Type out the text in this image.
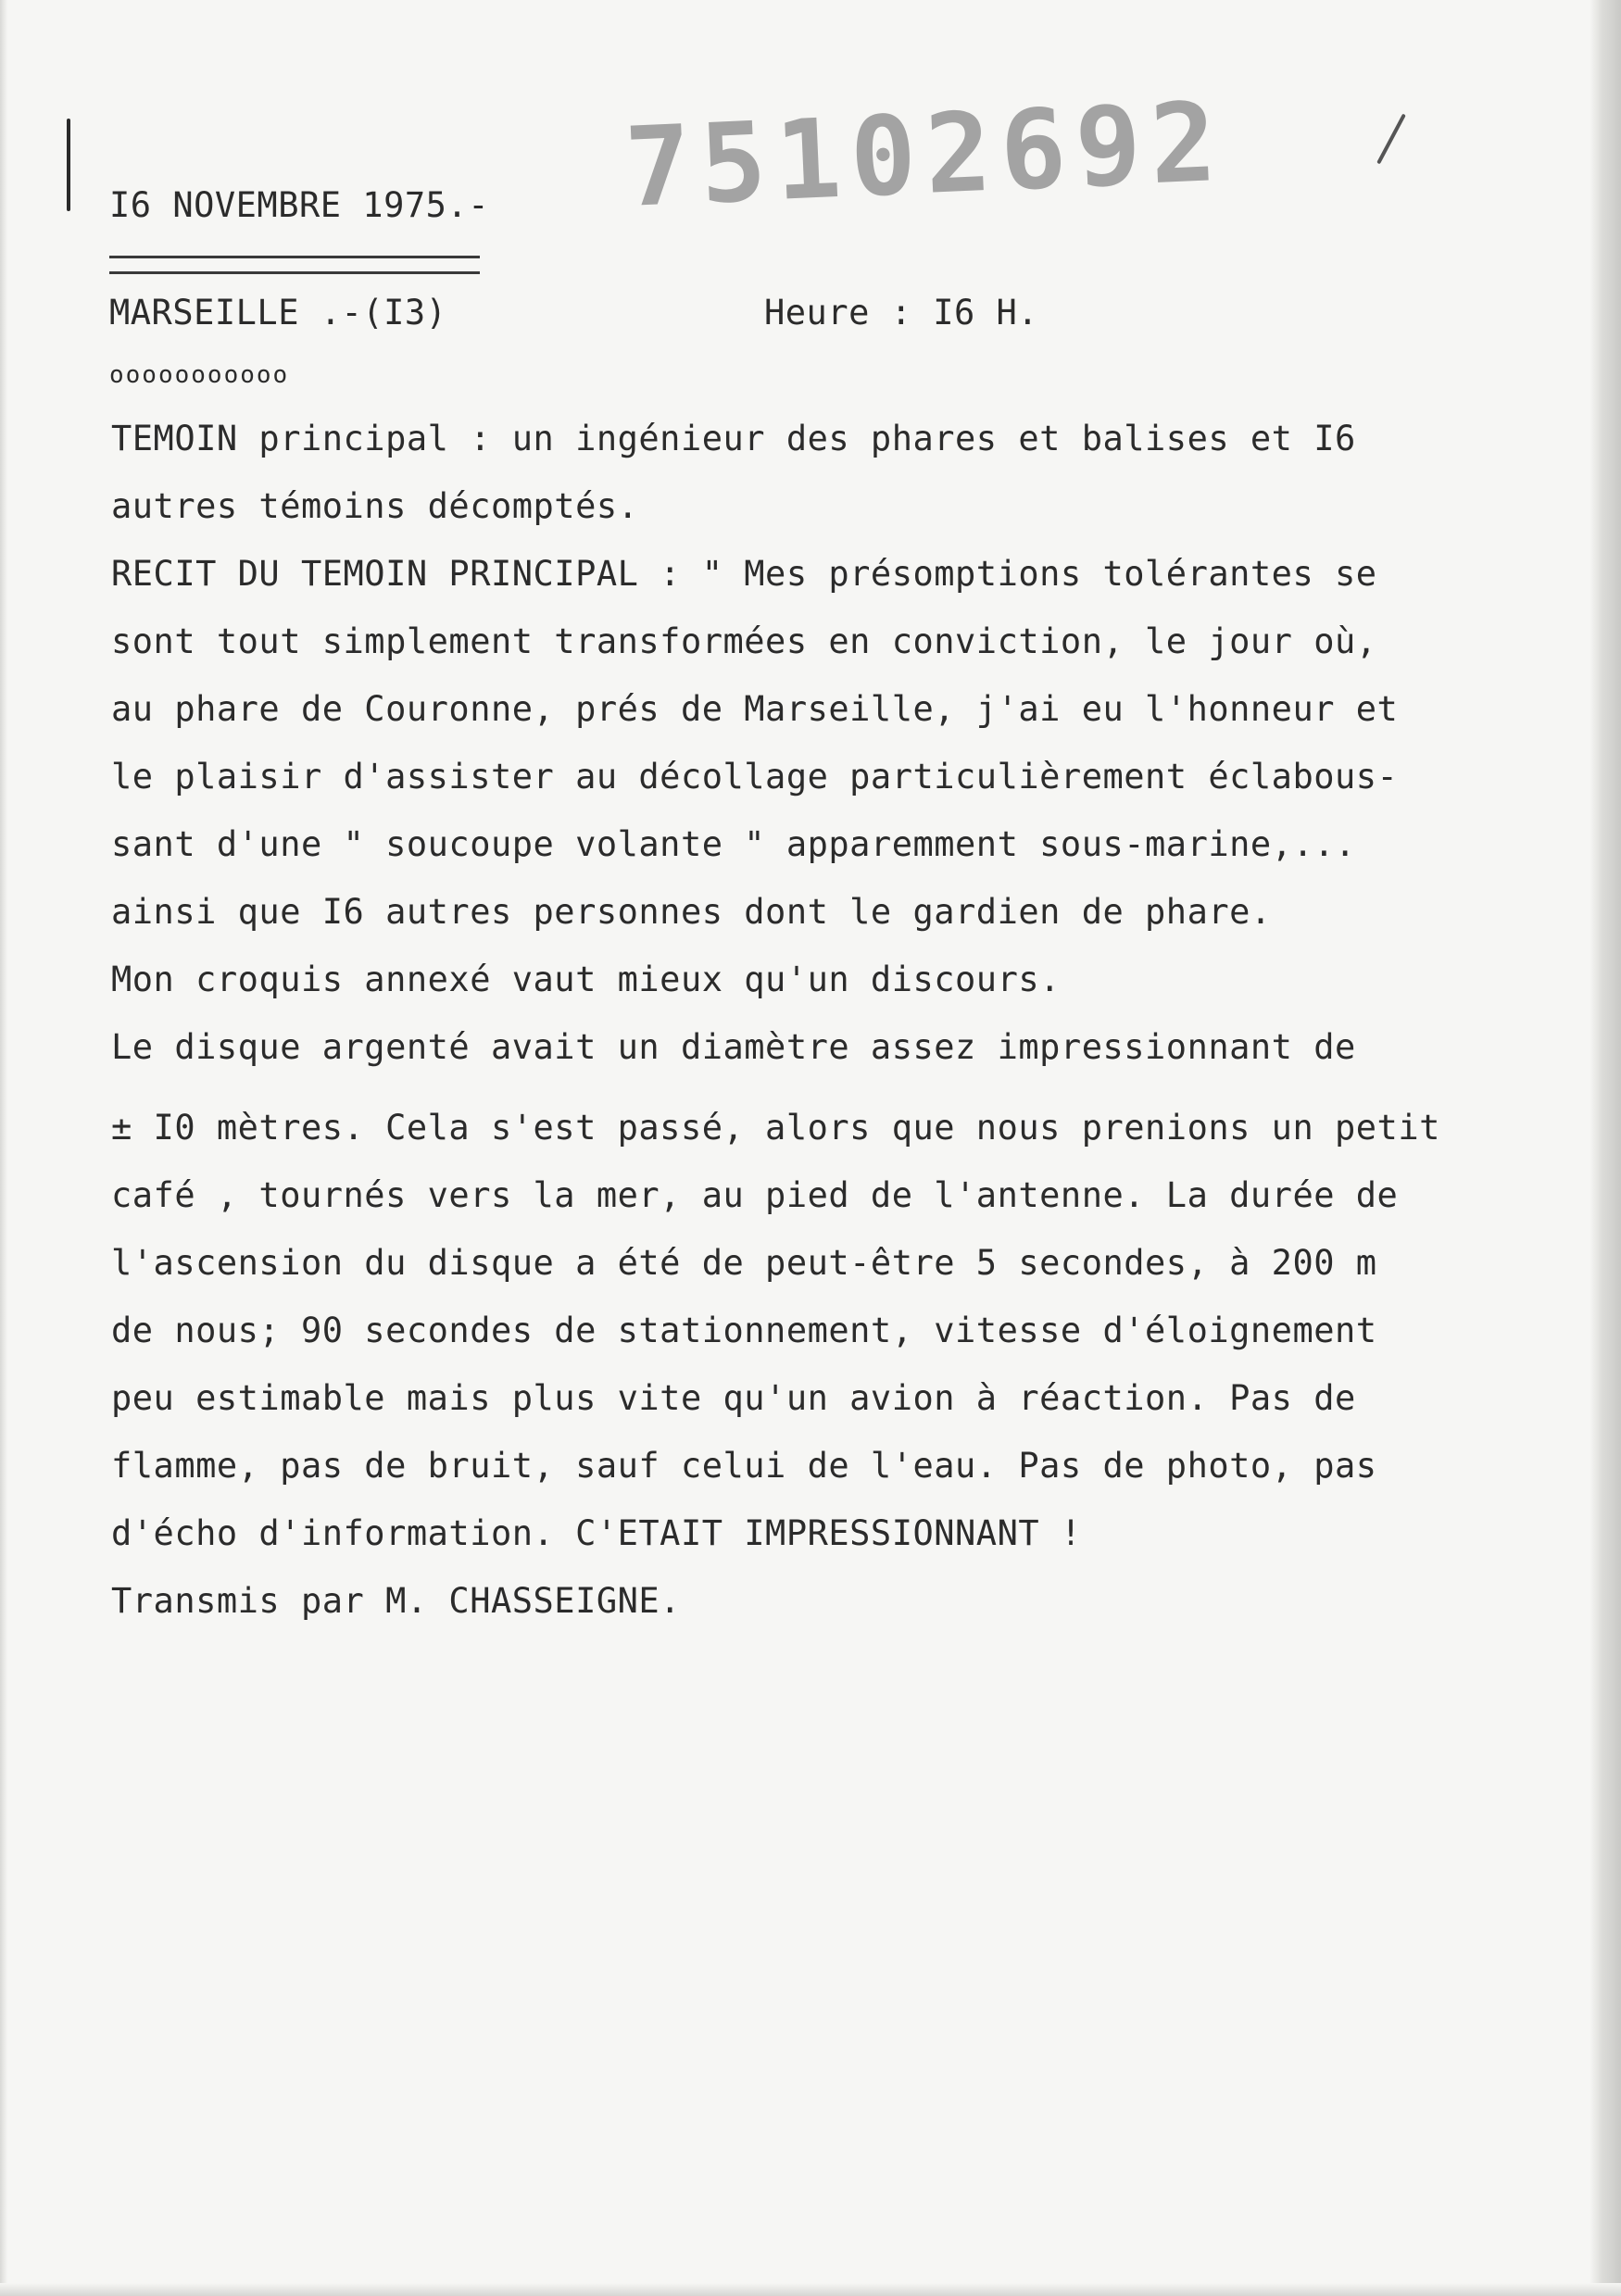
I6 NOVEMBRE 1975.- 75102692
MARSEILLE .-(I3)	Heure : I6 H.
ooooooooooo
TEMOIN principal : un ingénieur des phares et balises et I6
autres témoins décomptés.
RECIT DU TEMOIN PRINCIPAL : " Mes présomptions tolérantes se
sont tout simplement transformées en conviction, le jour où,
au phare de Couronne, prés de Marseille, j'ai eu l'honneur et
le plaisir d'assister au décollage particulièrement éclabous-
sant d'une " soucoupe volante " apparemment sous-marine,...
ainsi que I6 autres personnes dont le gardien de phare.
Mon croquis annexé vaut mieux qu'un discours.
Le disque argenté avait un diamètre assez impressionnant de
± I0 mètres. Cela s'est passé, alors que nous prenions un petit
café , tournés vers la mer, au pied de l'antenne. La durée de
l'ascension du disque a été de peut-être 5 secondes, à 200 m
de nous; 90 secondes de stationnement, vitesse d'éloignement
peu estimable mais plus vite qu'un avion à réaction. Pas de
flamme, pas de bruit, sauf celui de l'eau. Pas de photo, pas
d'écho d'information. C'ETAIT IMPRESSIONNANT !
Transmis par M. CHASSEIGNE.
